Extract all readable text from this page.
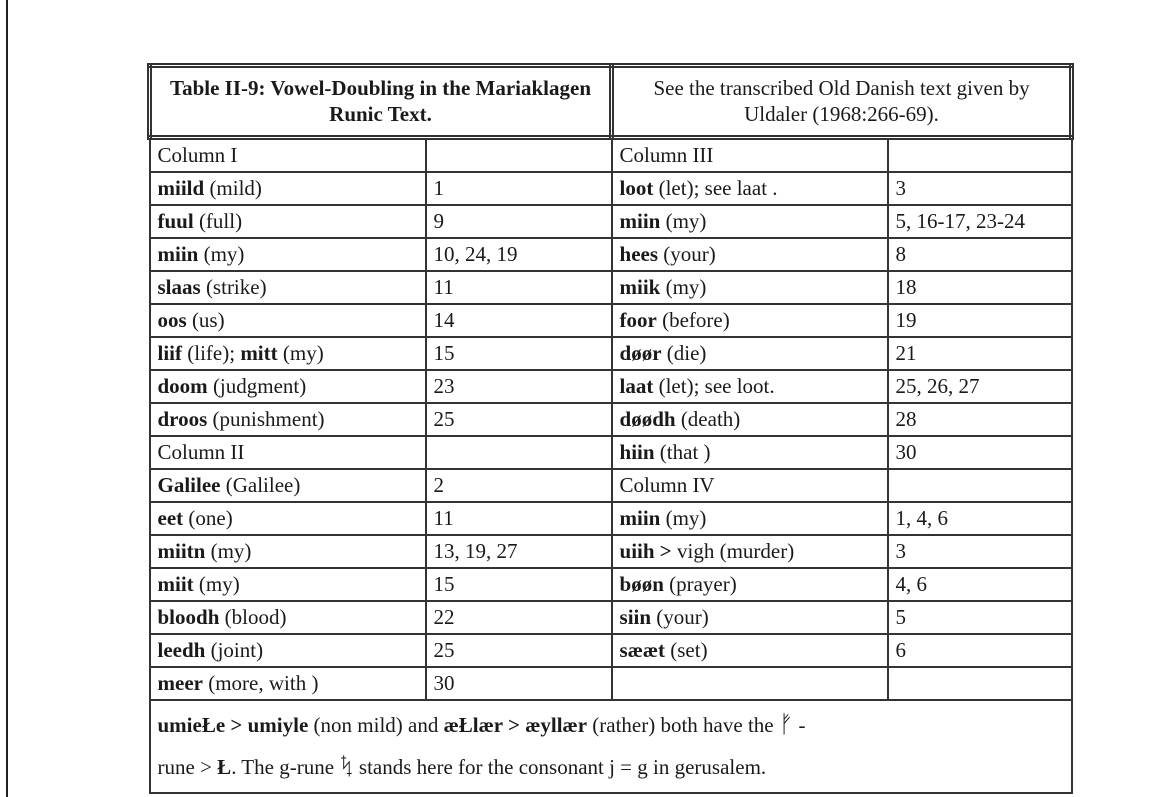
Table II-9: Vowel-Doubling in the Mariaklagen Runic Text.		See the transcribed Old Danish text given by Uldaler (1968:266-69).	
Column I		Column III	
miild (mild)	1	loot (let); see laat .	3
fuul (full)	9	miin (my)	5, 16-17, 23-24
miin (my)	10, 24, 19	hees (your)	8
slaas (strike)	11	miik (my)	18
oos (us)	14	foor (before)	19
liif (life); mitt (my)	15	døør (die)	21
doom (judgment)	23	laat (let); see loot.	25, 26, 27
droos (punishment)	25	døødh (death)	28
Column II		hiin (that )	30
Galilee (Galilee)	2	Column IV	
eet (one)	11	miin (my)	1, 4, 6
miitn (my)	13, 19, 27	uiih > vigh (murder)	3
miit (my)	15	bøøn (prayer)	4, 6
bloodh (blood)	22	siin (your)	5
leedh (joint)	25	sææt (set)	6
meer (more, with )	30		

umieŁe > umiyle (non mild) and æŁlær > æyllær (rather) both have the ᚠ -
rune > Ł. The g-rune ᛪ stands here for the consonant j = g in gerusalem.			
